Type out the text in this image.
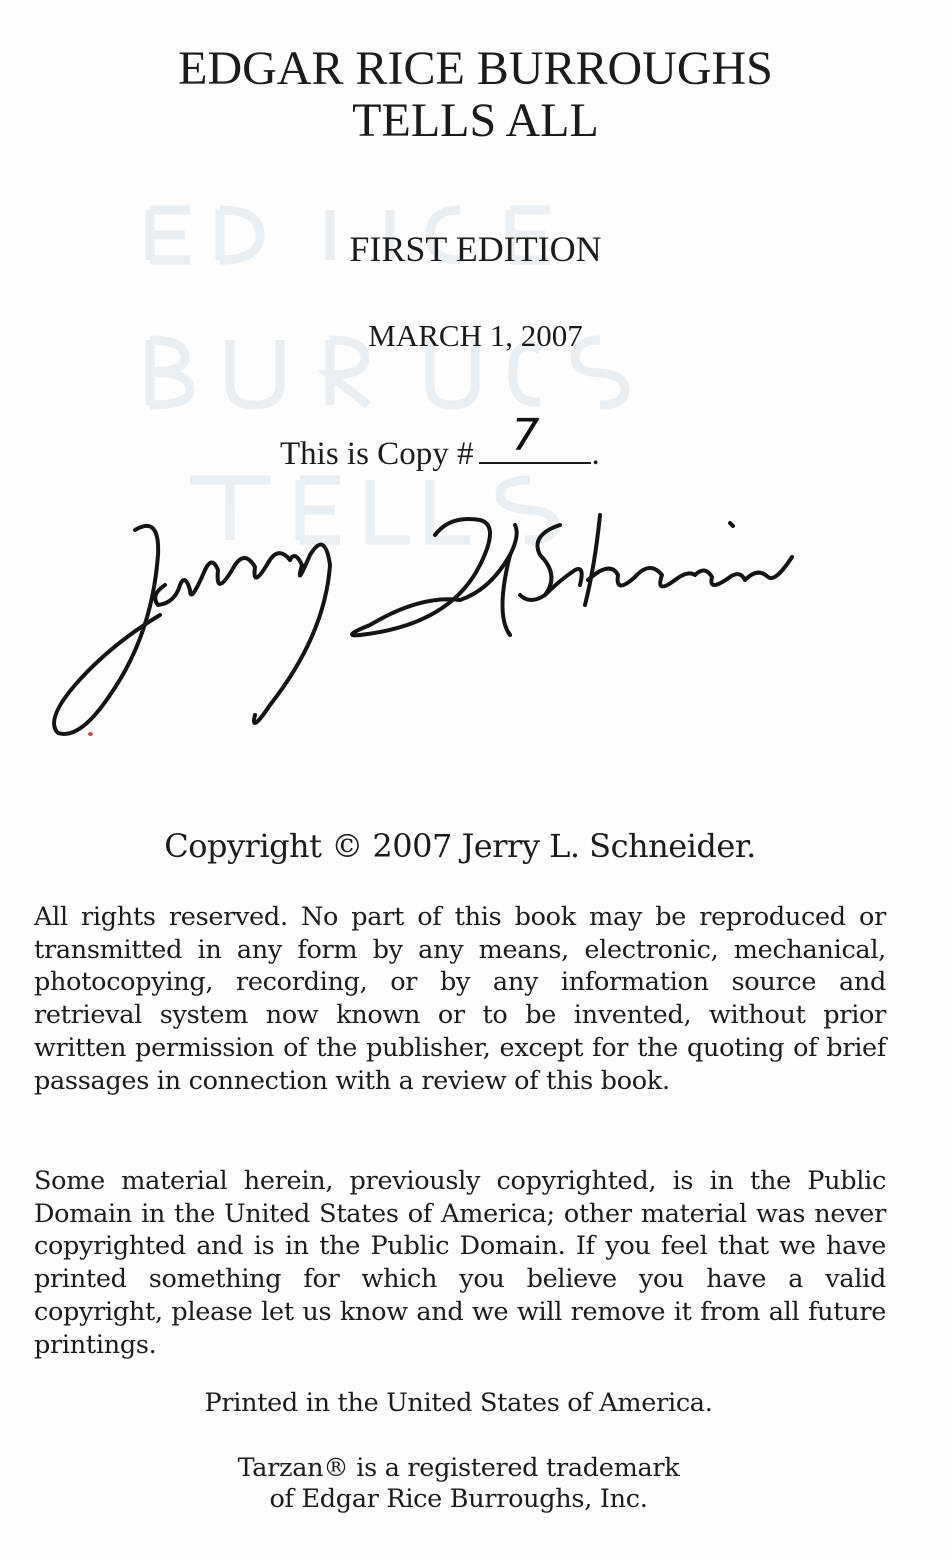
EDGAR RICE BURROUGHS
TELLS ALL
FIRST EDITION
MARCH 1, 2007
This is Copy # 7 .
Copyright © 2007 Jerry L. Schneider.

All rights reserved. No part of this book may be reproduced or transmitted in any form by any means, electronic, mechanical, photocopying, recording, or by any information source and retrieval system now known or to be invented, without prior written permission of the publisher, except for the quoting of brief passages in connection with a review of this book.

Some material herein, previously copyrighted, is in the Public Domain in the United States of America; other material was never copyrighted and is in the Public Domain. If you feel that we have printed something for which you believe you have a valid copyright, please let us know and we will remove it from all future printings.

Printed in the United States of America.
Tarzan® is a registered trademark
of Edgar Rice Burroughs, Inc.
